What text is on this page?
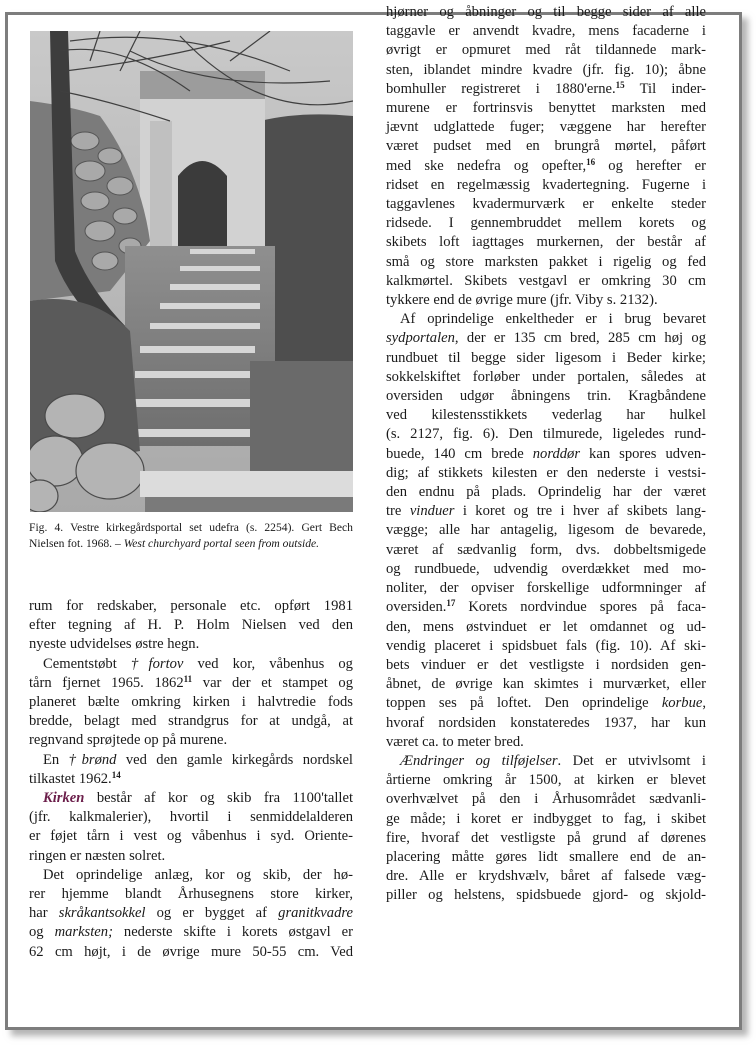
Fig. 4. Vestre kirkegårdsportal set udefra (s. 2254). Gert Bech Nielsen fot. 1968. – West churchyard portal seen from outside.
rum for redskaber, personale etc. opført 1981
efter tegning af H. P. Holm Nielsen ved den
nyeste udvidelses østre hegn.
Cementstøbt †fortov ved kor, våbenhus og
tårn fjernet 1965. 1862$^{11}$ var der et stampet og
planeret bælte omkring kirken i halvtredie fods
bredde, belagt med strandgrus for at undgå, at
regnvand sprøjtede op på murene.
En †brønd ved den gamle kirkegårds nordskel
tilkastet 1962.14
Kirken består af kor og skib fra 1100'tallet
(jfr. kalkmalerier), hvortil i senmiddelalderen
er føjet tårn i vest og våbenhus i syd. Oriente-
ringen er næsten solret.
Det oprindelige anlæg, kor og skib, der hø-
rer hjemme blandt Århusegnens store kirker,
har skråkantsokkel og er bygget af granitkvadre
og marksten; nederste skifte i korets østgavl er
62 cm højt, i de øvrige mure 50-55 cm. Ved
hjørner og åbninger og til begge sider af alle
taggavle er anvendt kvadre, mens facaderne i
øvrigt er opmuret med råt tildannede mark-
sten, iblandet mindre kvadre (jfr. fig. 10); åbne
bomhuller registreret i 1880'erne.$^{15}$ Til inder-
murene er fortrinsvis benyttet marksten med
jævnt udglattede fuger; væggene har herefter
været pudset med en brungrå mørtel, påført
med ske nedefra og opefter,$^{16}$ og herefter er
ridset en regelmæssig kvadertegning. Fugerne i
taggavlenes kvadermurværk er enkelte steder
ridsede. I gennembruddet mellem korets og
skibets loft iagttages murkernen, der består af
små og store marksten pakket i rigelig og fed
kalkmørtel. Skibets vestgavl er omkring 30 cm
tykkere end de øvrige mure (jfr. Viby s. 2132).
Af oprindelige enkeltheder er i brug bevaret
sydportalen, der er 135 cm bred, 285 cm høj og
rundbuet til begge sider ligesom i Beder kirke;
sokkelskiftet forløber under portalen, således at
oversiden udgør åbningens trin. Kragbåndene
ved kilestensstikkets vederlag har hulkel
(s. 2127, fig. 6). Den tilmurede, ligeledes rund-
buede, 140 cm brede norddør kan spores udven-
dig; af stikkets kilesten er den nederste i vestsi-
den endnu på plads. Oprindelig har der været
tre vinduer i koret og tre i hver af skibets lang-
vægge; alle har antagelig, ligesom de bevarede,
været af sædvanlig form, dvs. dobbeltsmigede
og rundbuede, udvendig overdækket med mo-
noliter, der opviser forskellige udformninger af
oversiden.$^{17}$ Korets nordvindue spores på faca-
den, mens østvinduet er let omdannet og ud-
vendig placeret i spidsbuet fals (fig. 10). Af ski-
bets vinduer er det vestligste i nordsiden gen-
åbnet, de øvrige kan skimtes i murværket, eller
toppen ses på loftet. Den oprindelige korbue,
hvoraf nordsiden konstateredes 1937, har kun
været ca. to meter bred.
Ændringer og tilføjelser. Det er utvivlsomt i
årtierne omkring år 1500, at kirken er blevet
overhvælvet på den i Århusområdet sædvanli-
ge måde; i koret er indbygget to fag, i skibet
fire, hvoraf det vestligste på grund af dørenes
placering måtte gøres lidt smallere end de an-
dre. Alle er krydshvælv, båret af falsede væg-
piller og helstens, spidsbuede gjord- og skjold-
